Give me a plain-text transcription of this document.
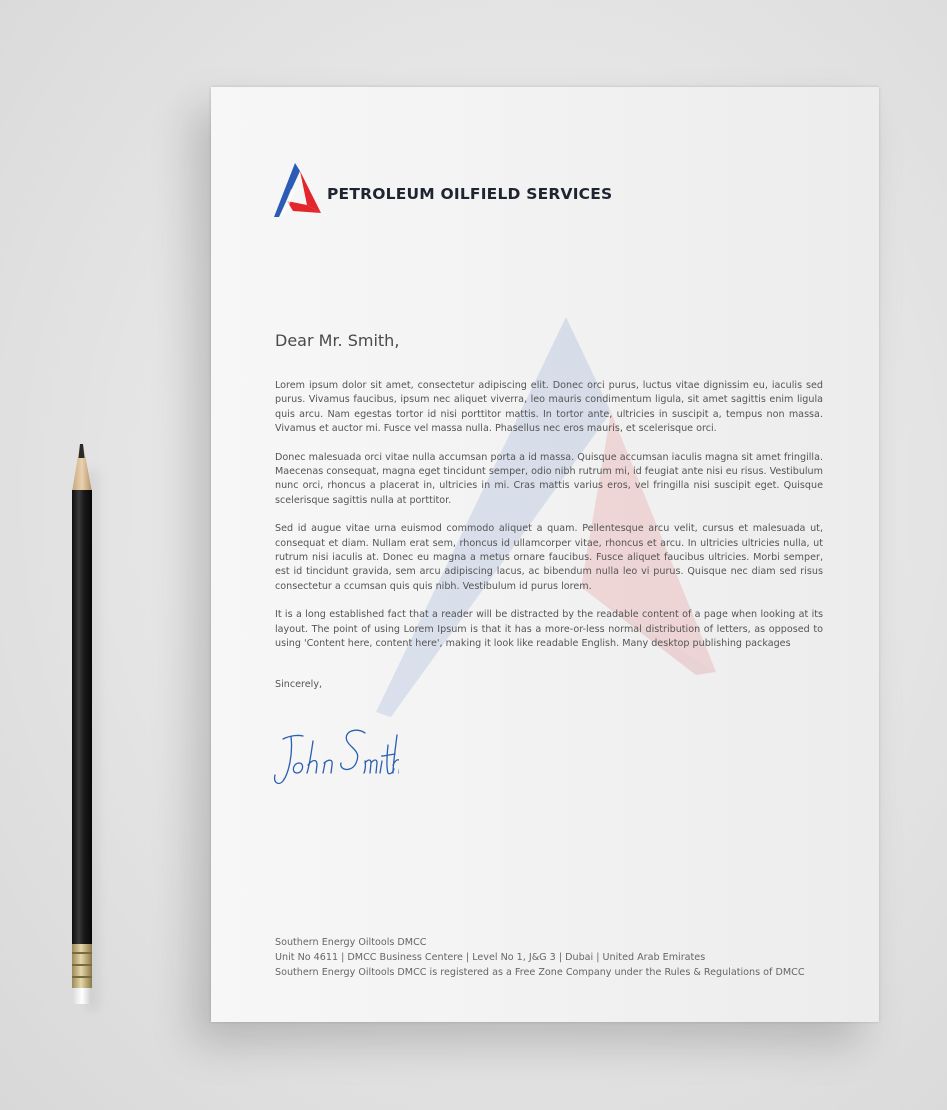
PETROLEUM OILFIELD SERVICES
Dear Mr. Smith,

Lorem ipsum dolor sit amet, consectetur adipiscing elit. Donec orci purus, luctus vitae dignissim eu, iaculis sed purus. Vivamus faucibus, ipsum nec aliquet viverra, leo mauris condimentum ligula, sit amet sagittis enim ligula quis arcu. Nam egestas tortor id nisi porttitor mattis. In tortor ante, ultricies in suscipit a, tempus non massa. Vivamus et auctor mi. Fusce vel massa nulla. Phasellus nec eros mauris, et scelerisque orci.

Donec malesuada orci vitae nulla accumsan porta a id massa. Quisque accumsan iaculis magna sit amet fringilla. Maecenas consequat, magna eget tincidunt semper, odio nibh rutrum mi, id feugiat ante nisi eu risus. Vestibulum nunc orci, rhoncus a placerat in, ultricies in mi. Cras mattis varius eros, vel fringilla nisi suscipit eget. Quisque scelerisque sagittis nulla at porttitor.

Sed id augue vitae urna euismod commodo aliquet a quam. Pellentesque arcu velit, cursus et malesuada ut, consequat et diam. Nullam erat sem, rhoncus id ullamcorper vitae, rhoncus et arcu. In ultricies ultricies nulla, ut rutrum nisi iaculis at. Donec eu magna a metus ornare faucibus. Fusce aliquet faucibus ultricies. Morbi semper, est id tincidunt gravida, sem arcu adipiscing lacus, ac bibendum nulla leo vi purus. Quisque nec diam sed risus consectetur a ccumsan quis quis nibh. Vestibulum id purus lorem.

It is a long established fact that a reader will be distracted by the readable content of a page when looking at its layout. The point of using Lorem Ipsum is that it has a more-or-less normal distribution of letters, as opposed to using 'Content here, content here', making it look like readable English. Many desktop publishing packages

Sincerely,
Southern Energy Oiltools DMCC
Unit No 4611 | DMCC Business Centere | Level No 1, J&G 3 | Dubai | United Arab Emirates
Southern Energy Oiltools DMCC is registered as a Free Zone Company under the Rules & Regulations of DMCC
